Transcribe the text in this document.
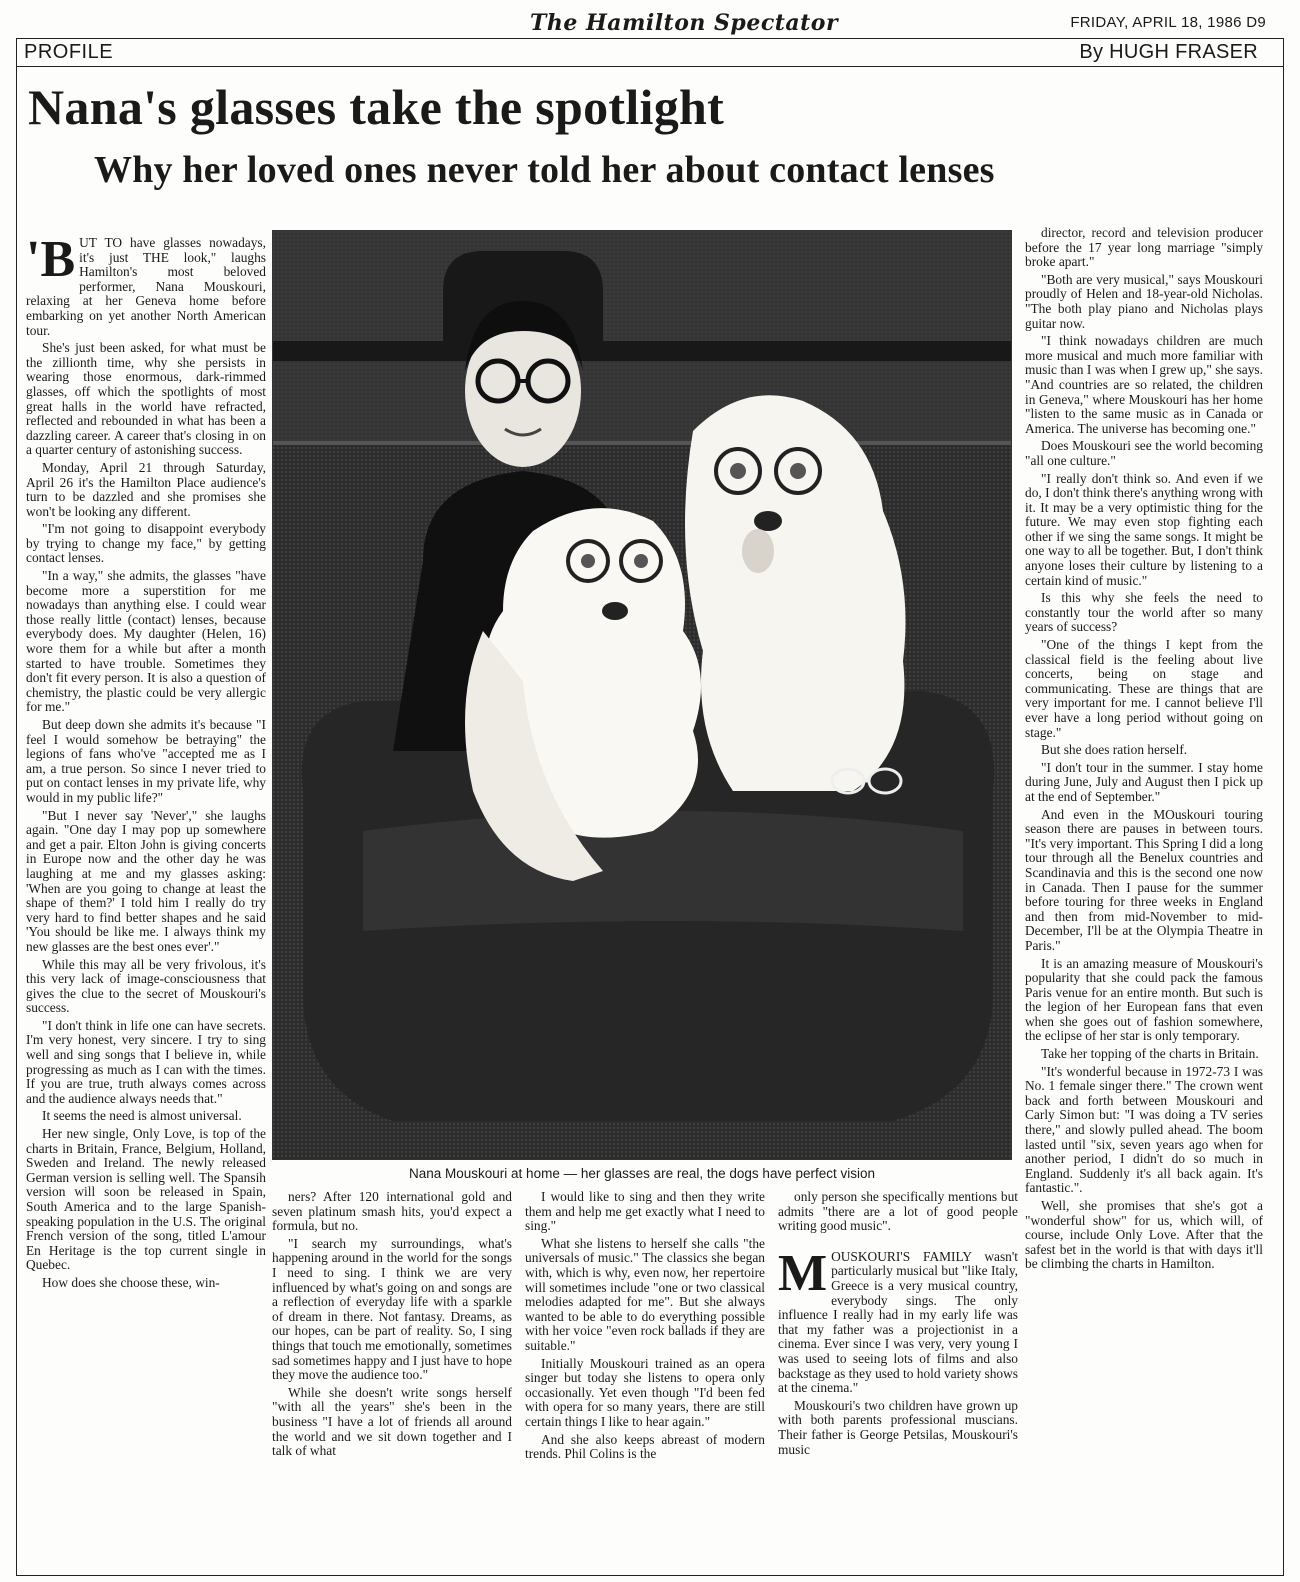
The Hamilton Spectator	FRIDAY, APRIL 18, 1986 D9
PROFILE	By HUGH FRASER
Nana's glasses take the spotlight
Why her loved ones never told her about contact lenses

'BUT TO have glasses nowadays, it's just THE look," laughs Hamilton's most beloved performer, Nana Mouskouri, relaxing at her Geneva home before embarking on yet another North American tour.

She's just been asked, for what must be the zillionth time, why she persists in wearing those enormous, dark-rimmed glasses, off which the spotlights of most great halls in the world have refracted, reflected and rebounded in what has been a dazzling career. A career that's closing in on a quarter century of astonishing success.

Monday, April 21 through Saturday, April 26 it's the Hamilton Place audience's turn to be dazzled and she promises she won't be looking any different.

"I'm not going to disappoint everybody by trying to change my face," by getting contact lenses.

"In a way," she admits, the glasses "have become more a superstition for me nowadays than anything else. I could wear those really little (contact) lenses, because everybody does. My daughter (Helen, 16) wore them for a while but after a month started to have trouble. Sometimes they don't fit every person. It is also a question of chemistry, the plastic could be very allergic for me."

But deep down she admits it's because "I feel I would somehow be betraying" the legions of fans who've "accepted me as I am, a true person. So since I never tried to put on contact lenses in my private life, why would in my public life?"

"But I never say 'Never'," she laughs again. "One day I may pop up somewhere and get a pair. Elton John is giving concerts in Europe now and the other day he was laughing at me and my glasses asking: 'When are you going to change at least the shape of them?' I told him I really do try very hard to find better shapes and he said 'You should be like me. I always think my new glasses are the best ones ever'."

While this may all be very frivolous, it's this very lack of image-consciousness that gives the clue to the secret of Mouskouri's success.

"I don't think in life one can have secrets. I'm very honest, very sincere. I try to sing well and sing songs that I believe in, while progressing as much as I can with the times. If you are true, truth always comes across and the audience always needs that."

It seems the need is almost universal.

Her new single, Only Love, is top of the charts in Britain, France, Belgium, Holland, Sweden and Ireland. The newly released German version is selling well. The Spansih version will soon be released in Spain, South America and to the large Spanish-speaking population in the U.S. The original French version of the song, titled L'amour En Heritage is the top current single in Quebec.

How does she choose these, win-

Nana Mouskouri at home — her glasses are real, the dogs have perfect vision

ners? After 120 international gold and seven platinum smash hits, you'd expect a formula, but no.

"I search my surroundings, what's happening around in the world for the songs I need to sing. I think we are very influenced by what's going on and songs are a reflection of everyday life with a sparkle of dream in there. Not fantasy. Dreams, as our hopes, can be part of reality. So, I sing things that touch me emotionally, sometimes sad sometimes happy and I just have to hope they move the audience too."

While she doesn't write songs herself "with all the years" she's been in the business "I have a lot of friends all around the world and we sit down together and I talk of what

I would like to sing and then they write them and help me get exactly what I need to sing."

What she listens to herself she calls "the universals of music." The classics she began with, which is why, even now, her repertoire will sometimes include "one or two classical melodies adapted for me". But she always wanted to be able to do everything possible with her voice "even rock ballads if they are suitable."

Initially Mouskouri trained as an opera singer but today she listens to opera only occasionally. Yet even though "I'd been fed with opera for so many years, there are still certain things I like to hear again."

And she also keeps abreast of modern trends. Phil Colins is the

only person she specifically mentions but admits "there are a lot of good people writing good music".

MOUSKOURI'S FAMILY wasn't particularly musical but "like Italy, Greece is a very musical country, everybody sings. The only influence I really had in my early life was that my father was a projectionist in a cinema. Ever since I was very, very young I was used to seeing lots of films and also backstage as they used to hold variety shows at the cinema."

Mouskouri's two children have grown up with both parents professional muscians. Their father is George Petsilas, Mouskouri's music

director, record and television producer before the 17 year long marriage "simply broke apart."

"Both are very musical," says Mouskouri proudly of Helen and 18-year-old Nicholas. "The both play piano and Nicholas plays guitar now.

"I think nowadays children are much more musical and much more familiar with music than I was when I grew up," she says. "And countries are so related, the children in Geneva," where Mouskouri has her home "listen to the same music as in Canada or America. The universe has becoming one."

Does Mouskouri see the world becoming "all one culture."

"I really don't think so. And even if we do, I don't think there's anything wrong with it. It may be a very optimistic thing for the future. We may even stop fighting each other if we sing the same songs. It might be one way to all be together. But, I don't think anyone loses their culture by listening to a certain kind of music."

Is this why she feels the need to constantly tour the world after so many years of success?

"One of the things I kept from the classical field is the feeling about live concerts, being on stage and communicating. These are things that are very important for me. I cannot believe I'll ever have a long period without going on stage."

But she does ration herself.

"I don't tour in the summer. I stay home during June, July and August then I pick up at the end of September."

And even in the MOuskouri touring season there are pauses in between tours. "It's very important. This Spring I did a long tour through all the Benelux countries and Scandinavia and this is the second one now in Canada. Then I pause for the summer before touring for three weeks in England and then from mid-November to mid-December, I'll be at the Olympia Theatre in Paris."

It is an amazing measure of Mouskouri's popularity that she could pack the famous Paris venue for an entire month. But such is the legion of her European fans that even when she goes out of fashion somewhere, the eclipse of her star is only temporary.

Take her topping of the charts in Britain.

"It's wonderful because in 1972-73 I was No. 1 female singer there." The crown went back and forth between Mouskouri and Carly Simon but: "I was doing a TV series there," and slowly pulled ahead. The boom lasted until "six, seven years ago when for another period, I didn't do so much in England. Suddenly it's all back again. It's fantastic.".

Well, she promises that she's got a "wonderful show" for us, which will, of course, include Only Love. After that the safest bet in the world is that with days it'll be climbing the charts in Hamilton.
